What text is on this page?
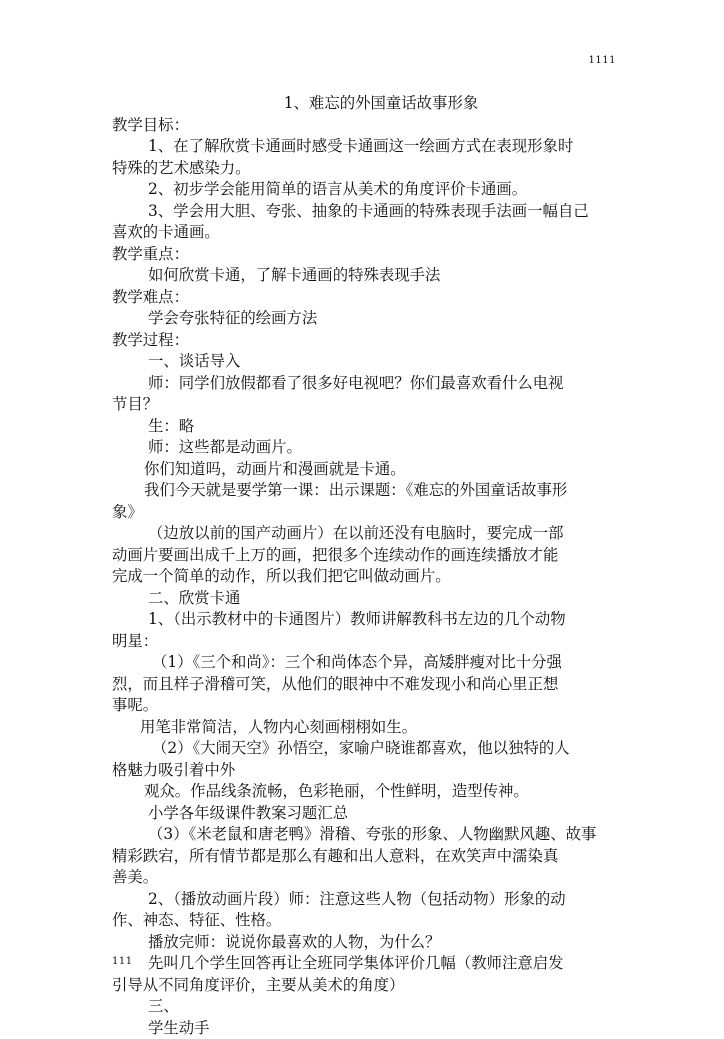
1111
1、难忘的外国童话故事形象
教学目标：
1、在了解欣赏卡通画时感受卡通画这一绘画方式在表现形象时
特殊的艺术感染力。
2、初步学会能用简单的语言从美术的角度评价卡通画。
3、学会用大胆、夸张、抽象的卡通画的特殊表现手法画一幅自己
喜欢的卡通画。
教学重点：
如何欣赏卡通，了解卡通画的特殊表现手法
教学难点：
学会夸张特征的绘画方法
教学过程：
一、谈话导入
师：同学们放假都看了很多好电视吧？你们最喜欢看什么电视
节目？
生：略
师：这些都是动画片。
你们知道吗，动画片和漫画就是卡通。
我们今天就是要学第一课：出示课题：《难忘的外国童话故事形
象》
（边放以前的国产动画片）在以前还没有电脑时，要完成一部
动画片要画出成千上万的画，把很多个连续动作的画连续播放才能
完成一个简单的动作，所以我们把它叫做动画片。
二、欣赏卡通
1、（出示教材中的卡通图片）教师讲解教科书左边的几个动物
明星：
（1）《三个和尚》：三个和尚体态个异，高矮胖瘦对比十分强
烈，而且样子滑稽可笑，从他们的眼神中不难发现小和尚心里正想
事呢。
用笔非常简洁，人物内心刻画栩栩如生。
（2）《大闹天空》孙悟空，家喻户晓谁都喜欢，他以独特的人
格魅力吸引着中外
观众。作品线条流畅，色彩艳丽，个性鲜明，造型传神。
小学各年级课件教案习题汇总
（3）《米老鼠和唐老鸭》滑稽、夸张的形象、人物幽默风趣、故事
精彩跌宕，所有情节都是那么有趣和出人意料，在欢笑声中濡染真
善美。
2、（播放动画片段）师：注意这些人物（包括动物）形象的动
作、神态、特征、性格。
播放完师：说说你最喜欢的人物，为什么？
先叫几个学生回答再让全班同学集体评价几幅（教师注意启发
引导从不同角度评价，主要从美术的角度）
三、
学生动手
111
